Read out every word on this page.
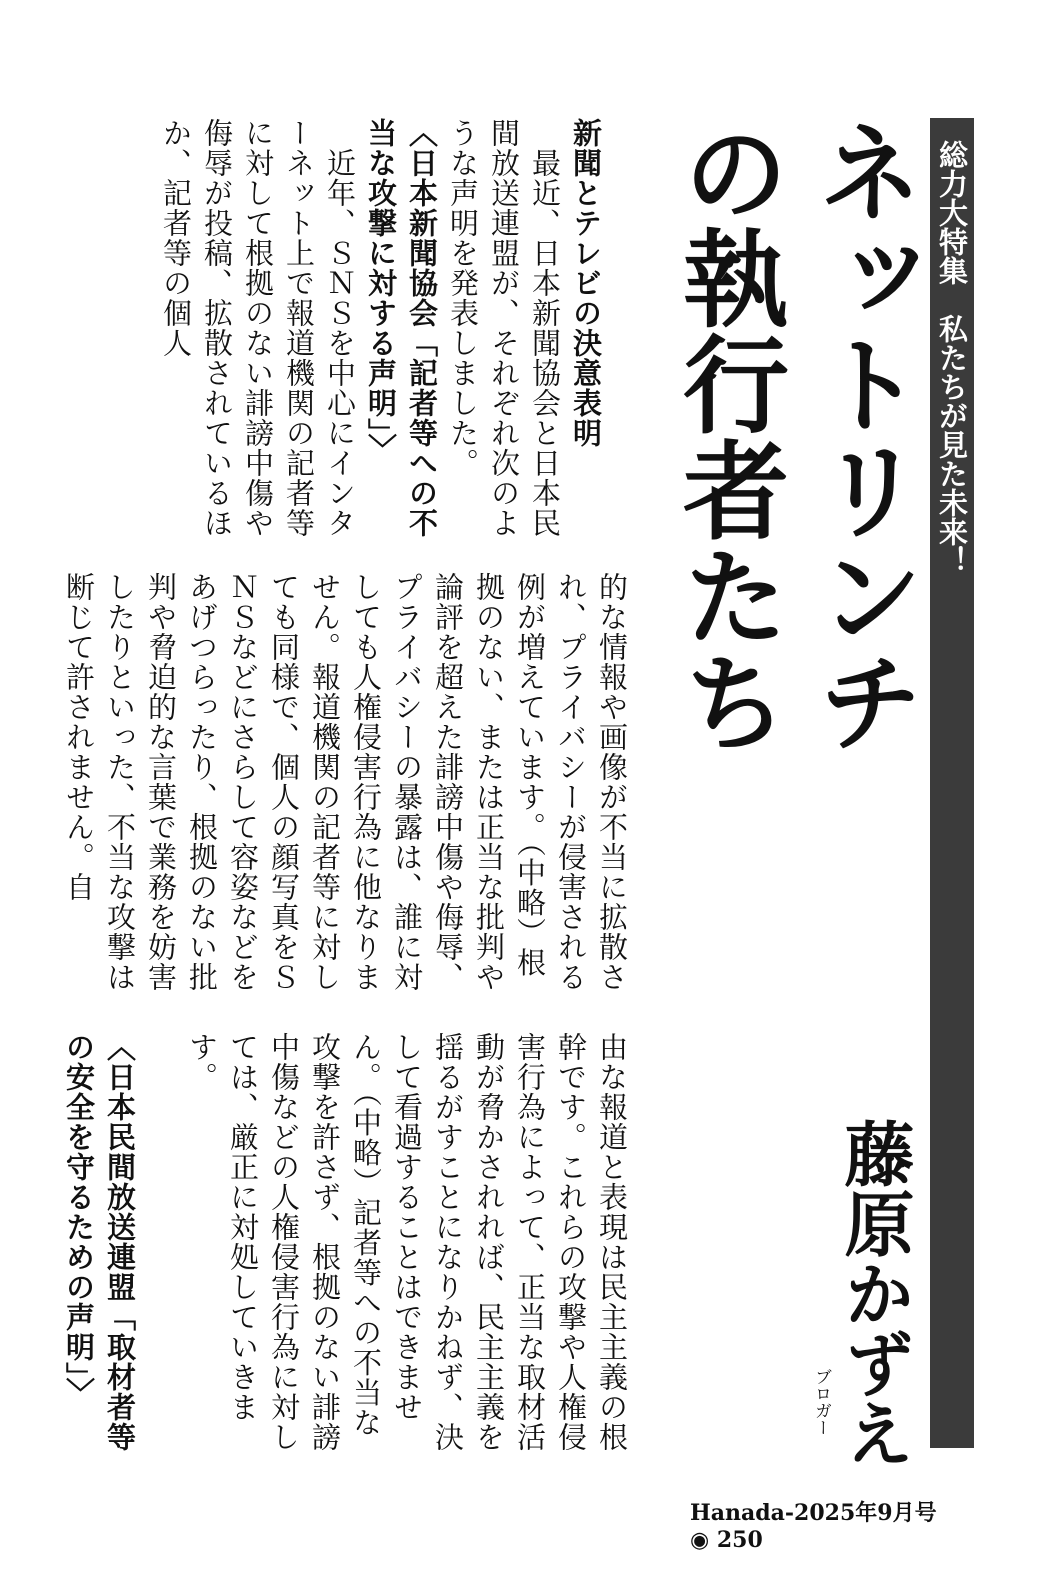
総力大特集　私たちが見た未来！

ネットリンチの執行者たち

藤原かずえ

ブロガー

新聞とテレビの決意表明
　最近、日本新聞協会と日本民間放送連盟が、それぞれ次のような声明を発表しました。
〈日本新聞協会「記者等への不当な攻撃に対する声明」〉
　近年、ＳＮＳを中心にインターネット上で報道機関の記者等に対して根拠のない誹謗中傷や侮辱が投稿、拡散されているほか、記者等の個人
的な情報や画像が不当に拡散され、プライバシーが侵害される例が増えています。（中略）根拠のない、または正当な批判や論評を超えた誹謗中傷や侮辱、プライバシーの暴露は、誰に対しても人権侵害行為に他なりません。報道機関の記者等に対しても同様で、個人の顔写真をＳＮＳなどにさらして容姿などをあげつらったり、根拠のない批判や脅迫的な言葉で業務を妨害したりといった、不当な攻撃は断じて許されません。自
由な報道と表現は民主主義の根幹です。これらの攻撃や人権侵害行為によって、正当な取材活動が脅かされれば、民主主義を揺るがすことになりかねず、決して看過することはできません。（中略）記者等への不当な攻撃を許さず、根拠のない誹謗中傷などの人権侵害行為に対しては、厳正に対処していきます。

〈日本民間放送連盟「取材者等の安全を守るための声明」〉

Hanada-2025年9月号 ◉ 250
